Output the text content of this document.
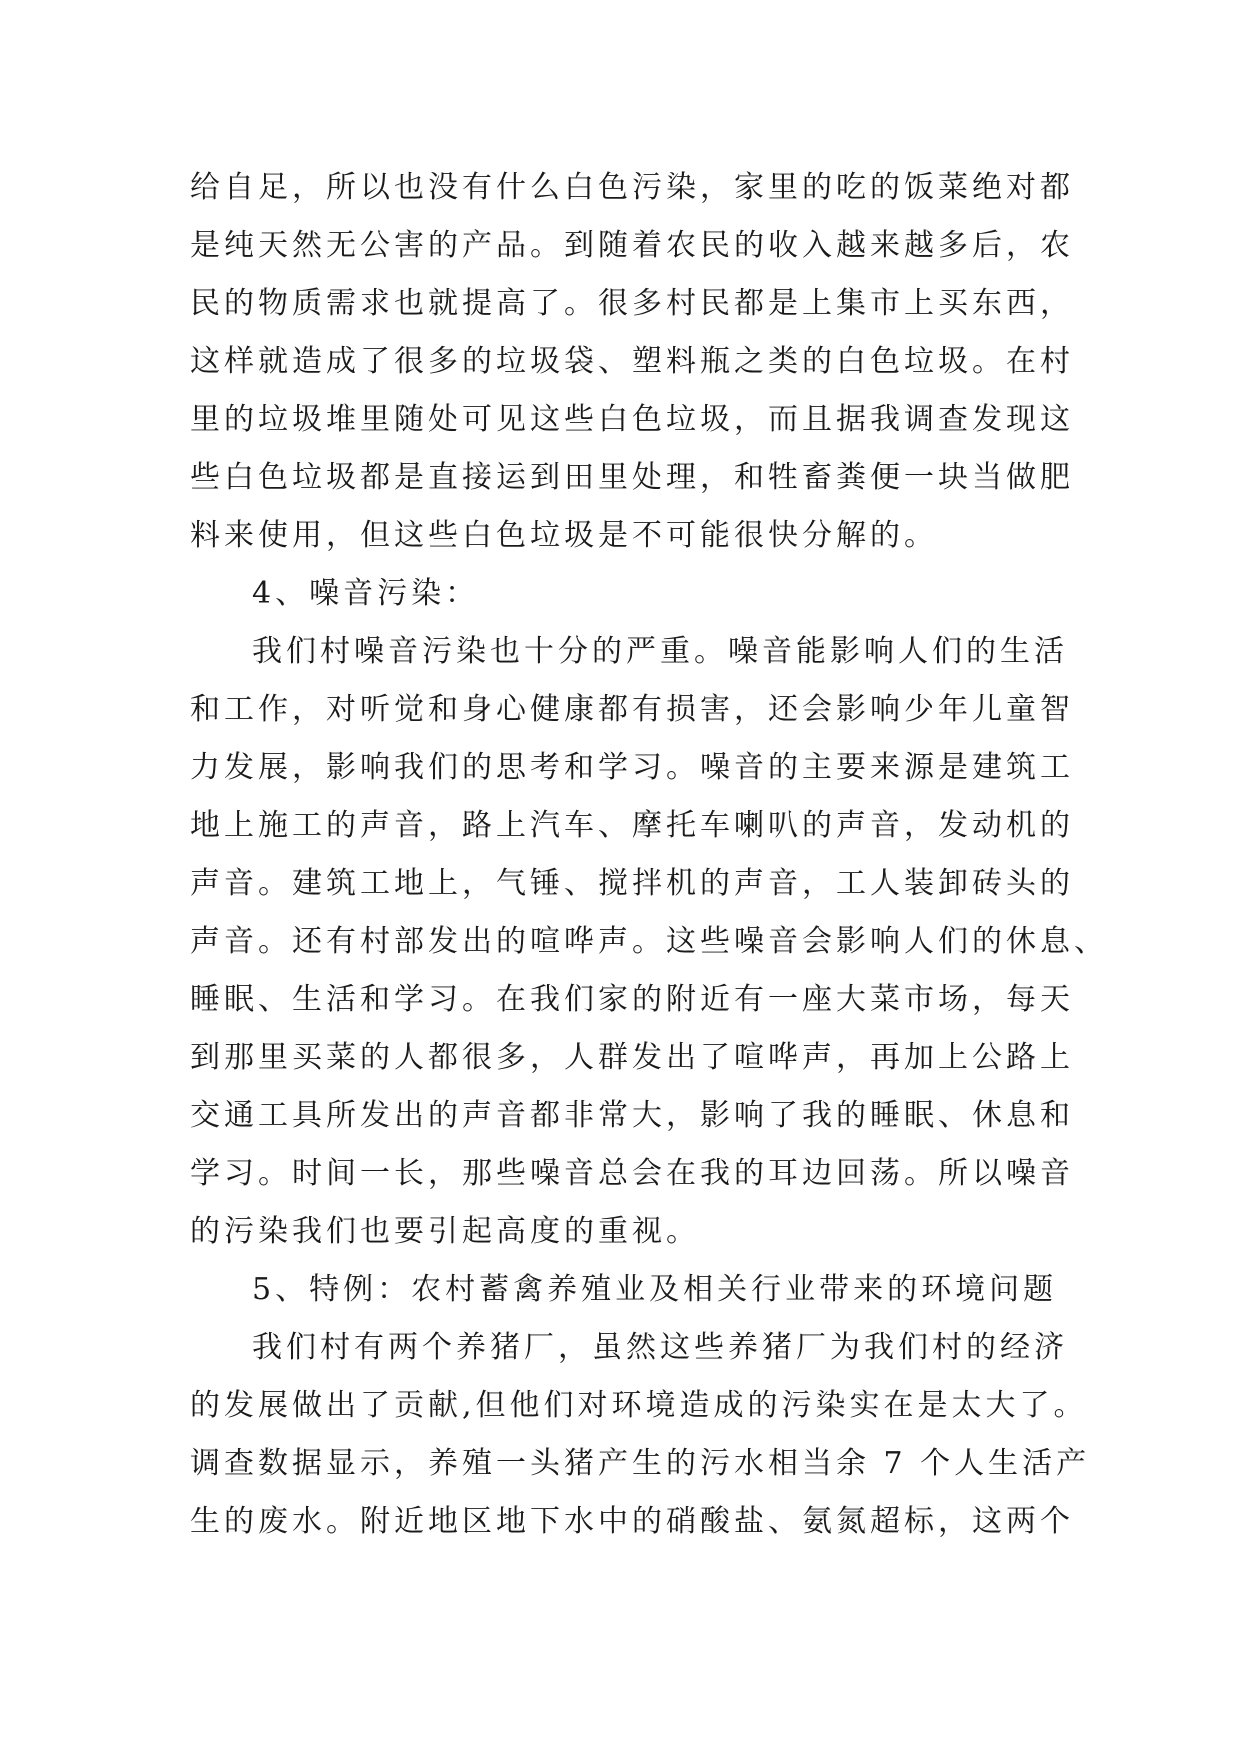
给自足，所以也没有什么白色污染，家里的吃的饭菜绝对都
是纯天然无公害的产品。到随着农民的收入越来越多后，农
民的物质需求也就提高了。很多村民都是上集市上买东西，
这样就造成了很多的垃圾袋、塑料瓶之类的白色垃圾。在村
里的垃圾堆里随处可见这些白色垃圾，而且据我调查发现这
些白色垃圾都是直接运到田里处理，和牲畜粪便一块当做肥
料来使用，但这些白色垃圾是不可能很快分解的。
4、噪音污染：
我们村噪音污染也十分的严重。噪音能影响人们的生活
和工作，对听觉和身心健康都有损害，还会影响少年儿童智
力发展，影响我们的思考和学习。噪音的主要来源是建筑工
地上施工的声音，路上汽车、摩托车喇叭的声音，发动机的
声音。建筑工地上，气锤、搅拌机的声音，工人装卸砖头的
声音。还有村部发出的喧哗声。这些噪音会影响人们的休息、
睡眠、生活和学习。在我们家的附近有一座大菜市场，每天
到那里买菜的人都很多，人群发出了喧哗声，再加上公路上
交通工具所发出的声音都非常大，影响了我的睡眠、休息和
学习。时间一长，那些噪音总会在我的耳边回荡。所以噪音
的污染我们也要引起高度的重视。
5、特例：农村蓄禽养殖业及相关行业带来的环境问题
我们村有两个养猪厂，虽然这些养猪厂为我们村的经济
的发展做出了贡献,但他们对环境造成的污染实在是太大了。
调查数据显示，养殖一头猪产生的污水相当余 7 个人生活产
生的废水。附近地区地下水中的硝酸盐、氨氮超标，这两个
